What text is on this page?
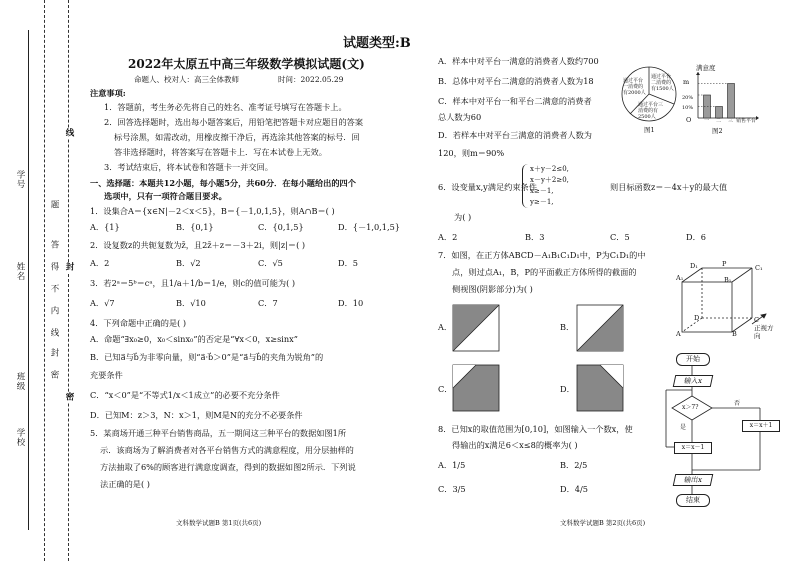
学号
姓名
班级
学校
题
答
得
不
内
线
封
密
线
封
密
试题类型:B
2022年太原五中高三年级数学模拟试题(文)
命题人、校对人：高三全体教师	时间：2022.05.29
注意事项:
1．答题前，考生务必先将自己的姓名、准考证号填写在答题卡上。
2．回答选择题时，选出每小题答案后，用铅笔把答题卡对应题目的答案
标号涂黑，如需改动，用橡皮擦干净后，再选涂其他答案的标号．回
答非选择题时，将答案写在答题卡上．写在本试卷上无效。
3．考试结束后，将本试卷和答题卡一并交回。
一、选择题：本题共12小题，每小题5分，共60分．在每小题给出的四个
选项中，只有一项符合题目要求。
1．设集合A＝{x∈N|－2＜x＜5}，B＝{－1,0,1,5}，则A∩B＝( )
A．{1}	B．{0,1}	C．{0,1,5}	D．{－1,0,1,5}
2．设复数z的共轭复数为z̄，且2z̄＋z＝－3＋2i，则|z|＝( )
A．2	B．√2	C．√5	D．5
3．若2ᵃ＝5ᵇ＝cᵃ，且1/a＋1/b＝1/e，则c的值可能为( )
A．√7	B．√10	C．7	D．10
4．下列命题中正确的是( )
A．命题“∃x₀≥0，x₀＜sinx₀”的否定是“∀x＜0，x≥sinx”
B．已知a⃗与b⃗为非零向量，则“a⃗·b⃗＞0”是“a⃗与b⃗的夹角为锐角”的
充要条件
C．“x＜0”是“不等式1/x＜1成立”的必要不充分条件
D．已知M：z＞3，N：x＞1，则M是N的充分不必要条件
5．某商场开通三种平台销售商品，五一期间这三种平台的数据如图1所
示．该商场为了解消费者对各平台销售方式的满意程度，用分层抽样的
方法抽取了6%的顾客进行满意度调查，得到的数据如图2所示．下列说
法正确的是( )
文科数学试题B 第1页(共6页)
A．样本中对平台一满意的消费者人数约700
B．总体中对平台二满意的消费者人数为18
C．样本中对平台一和平台二满意的消费者
总人数为60
D．若样本中对平台三满意的消费者人数为
120，则m＝90%
通过平台一消费的有2000人
通过平台二消费的有1500人
通过平台三消费的有2500人
图1
满意度
m
20%
10%
O	一 二 三 销售平台
图2
6．设变量x,y满足约束条件
x＋y－2≤0,
x－y＋2≥0,
x≥－1,
y≥－1,
则目标函数z＝－4x＋y的最大值
为( )
A．2	B．3	C．5	D．6
7．如图，在正方体ABCD－A₁B₁C₁D₁中，P为C₁D₁的中
点，则过点A₁，B，P的平面截正方体所得的截面的
侧视图(阴影部分)为( )
P
D₁	C₁
A₁	B₁
D	C
A	B
正视方向
A．	B．
C．	D．
8．已知x的取值范围为[0,10]，如图输入一个数x，使
得输出的x满足6＜x≤8的概率为( )
A．1/5	B．2/5
C．3/5	D．4/5
开始
输入x
x＞7?
是
否
x＝x－1
x＝x＋1
输出x
结束
文科数学试题B 第2页(共6页)
